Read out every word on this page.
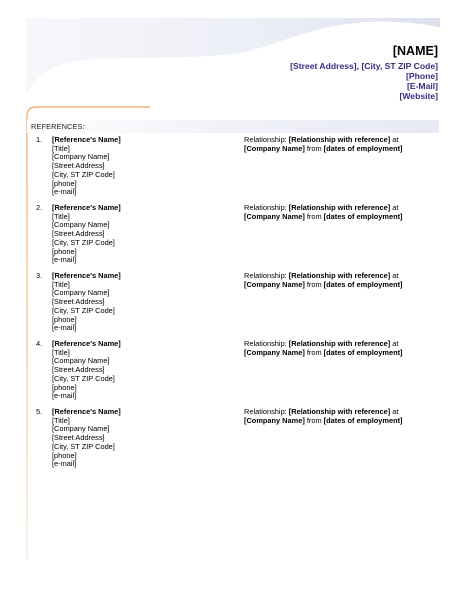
[NAME]
[Street Address], [City, ST ZIP Code]
[Phone]
[E-Mail]
[Website]
REFERENCES:
1.	[Reference's Name]
[Title]
[Company Name]
[Street Address]
[City, ST ZIP Code]
[phone]
[e-mail]
Relationship: [Relationship with reference] at
[Company Name] from [dates of employment]
2.	[Reference's Name]
[Title]
[Company Name]
[Street Address]
[City, ST ZIP Code]
[phone]
[e-mail]
Relationship: [Relationship with reference] at
[Company Name] from [dates of employment]
3.	[Reference's Name]
[Title]
[Company Name]
[Street Address]
[City, ST ZIP Code]
[phone]
[e-mail]
Relationship: [Relationship with reference] at
[Company Name] from [dates of employment]
4.	[Reference's Name]
[Title]
[Company Name]
[Street Address]
[City, ST ZIP Code]
[phone]
[e-mail]
Relationship: [Relationship with reference] at
[Company Name] from [dates of employment]
5.	[Reference's Name]
[Title]
[Company Name]
[Street Address]
[City, ST ZIP Code]
[phone]
[e-mail]
Relationship: [Relationship with reference] at
[Company Name] from [dates of employment]
